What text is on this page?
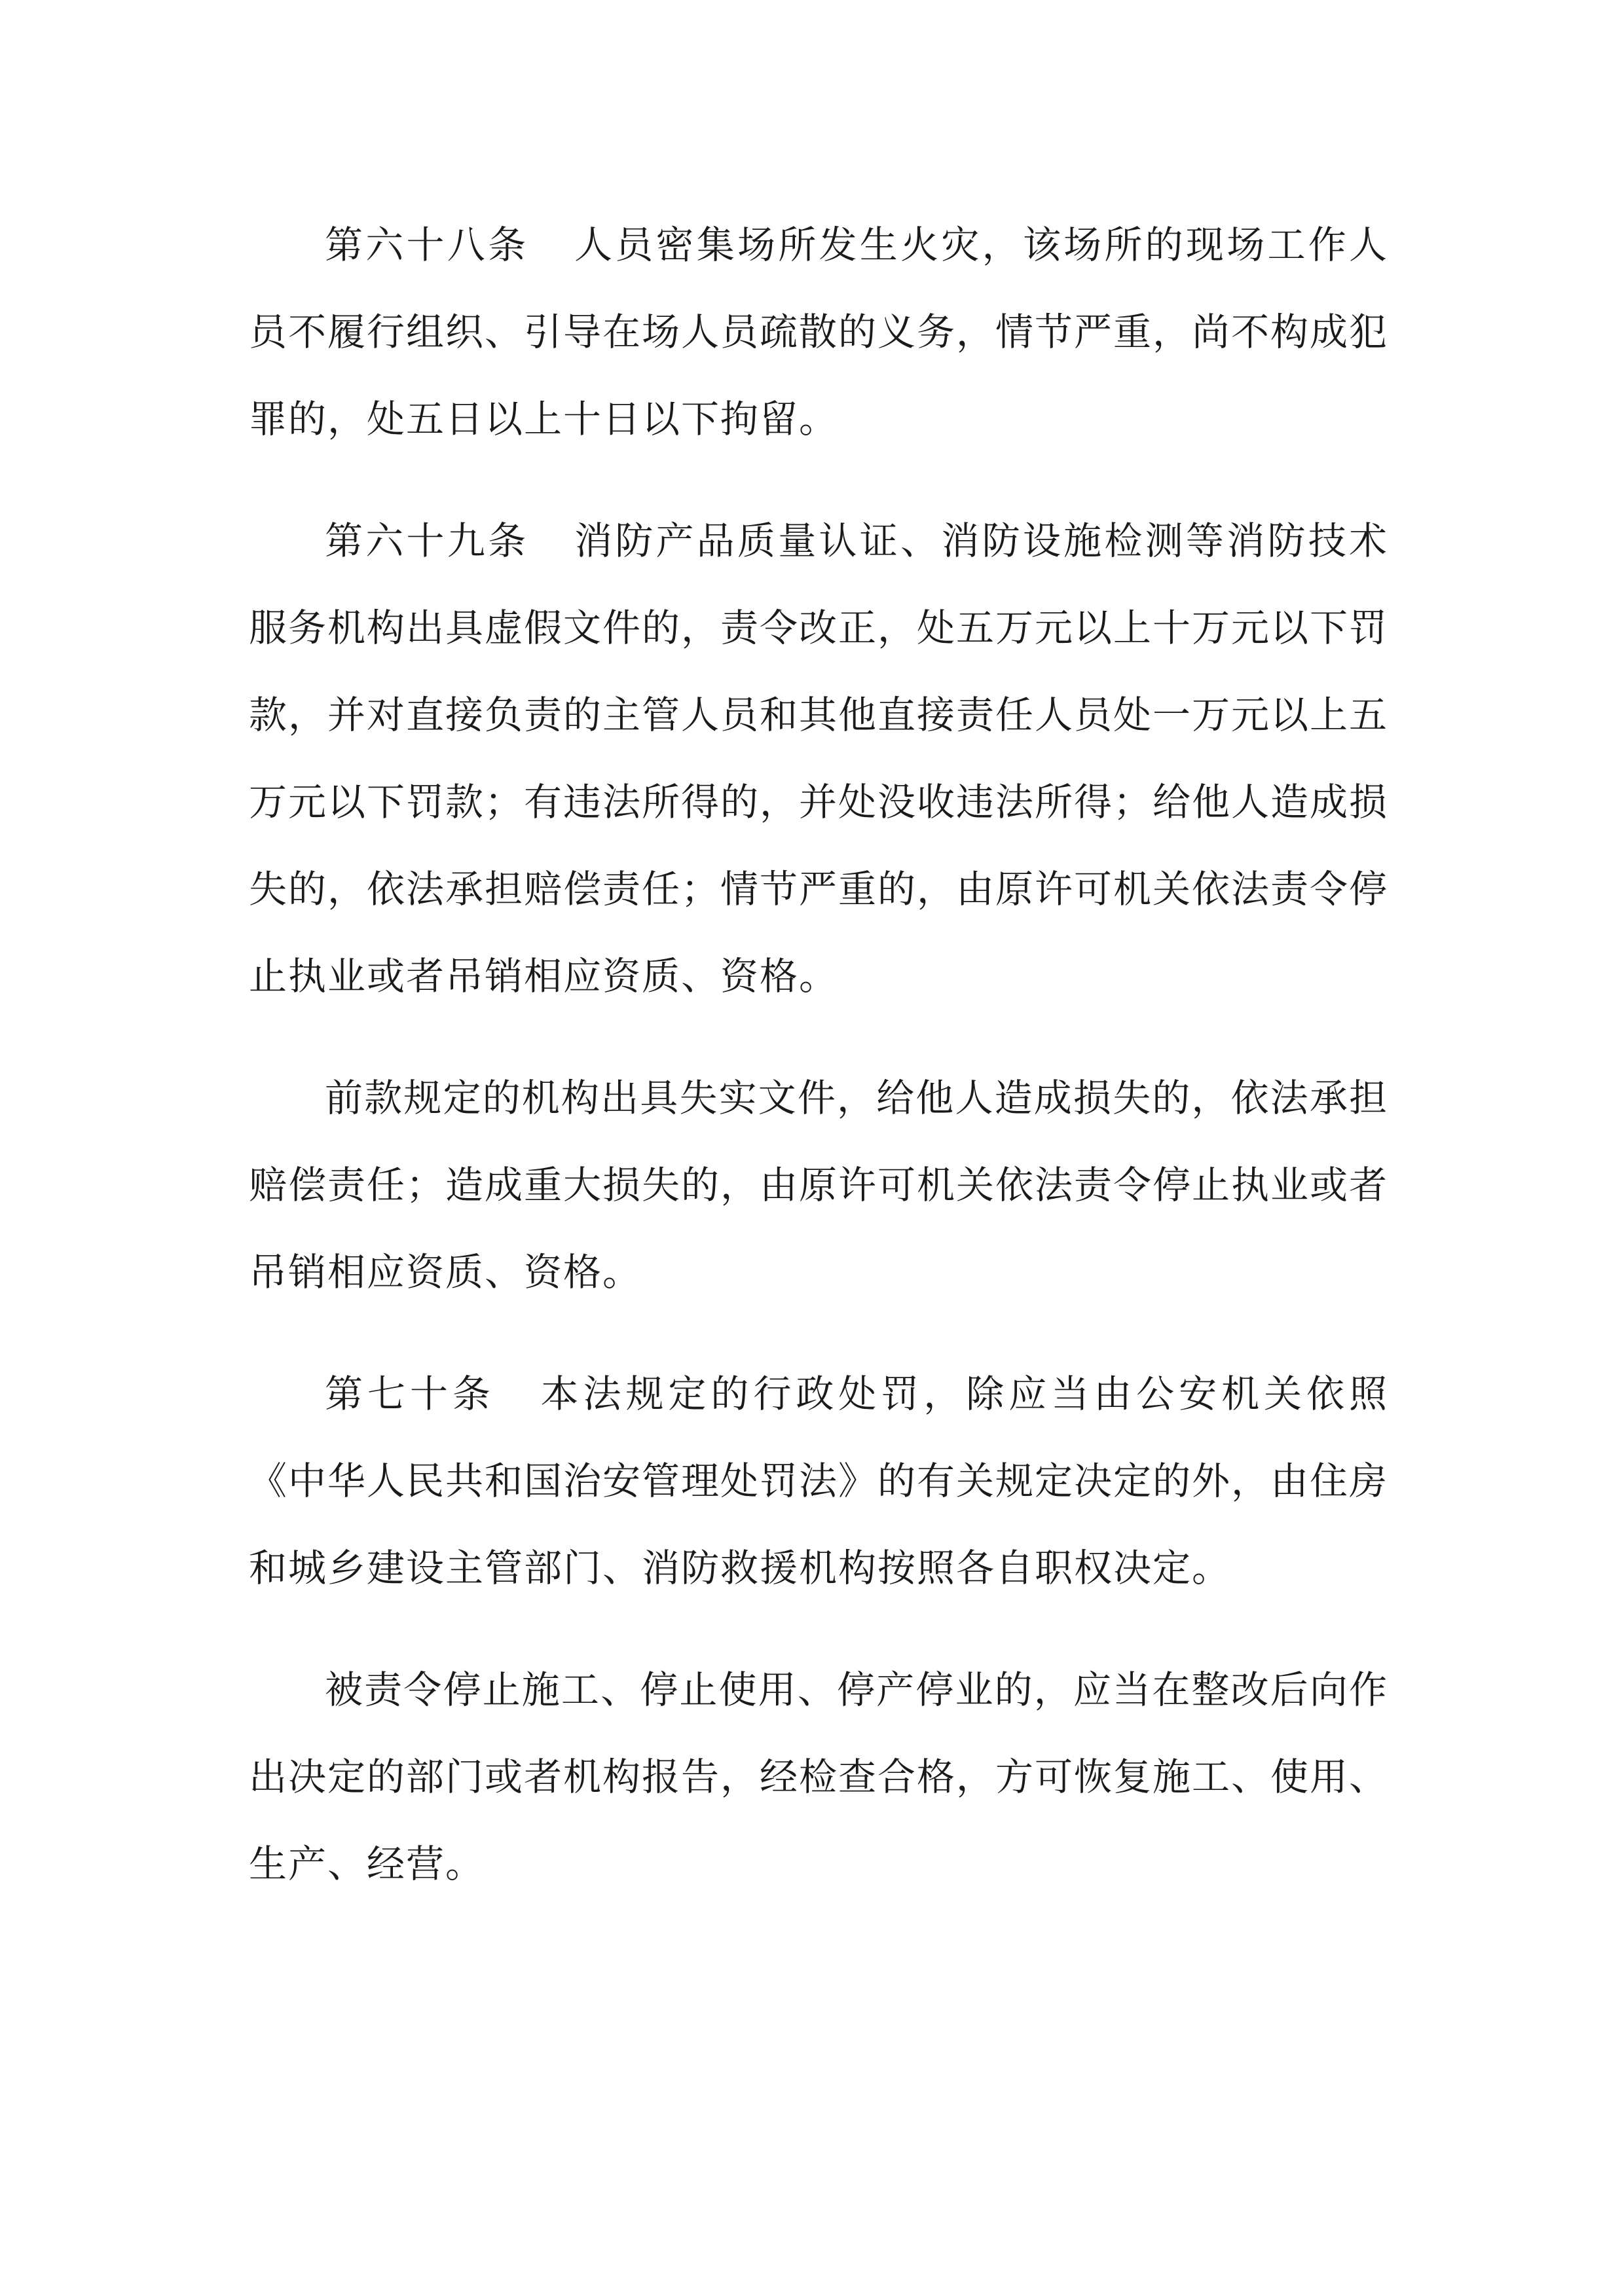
第六十八条 人员密集场所发生火灾，该场所的现场工作人员不履行组织、引导在场人员疏散的义务，情节严重，尚不构成犯罪的，处五日以上十日以下拘留。

第六十九条 消防产品质量认证、消防设施检测等消防技术服务机构出具虚假文件的，责令改正，处五万元以上十万元以下罚款，并对直接负责的主管人员和其他直接责任人员处一万元以上五万元以下罚款；有违法所得的，并处没收违法所得；给他人造成损失的，依法承担赔偿责任；情节严重的，由原许可机关依法责令停止执业或者吊销相应资质、资格。

前款规定的机构出具失实文件，给他人造成损失的，依法承担赔偿责任；造成重大损失的，由原许可机关依法责令停止执业或者吊销相应资质、资格。

第七十条 本法规定的行政处罚，除应当由公安机关依照《中华人民共和国治安管理处罚法》的有关规定决定的外，由住房和城乡建设主管部门、消防救援机构按照各自职权决定。

被责令停止施工、停止使用、停产停业的，应当在整改后向作出决定的部门或者机构报告，经检查合格，方可恢复施工、使用、生产、经营。
